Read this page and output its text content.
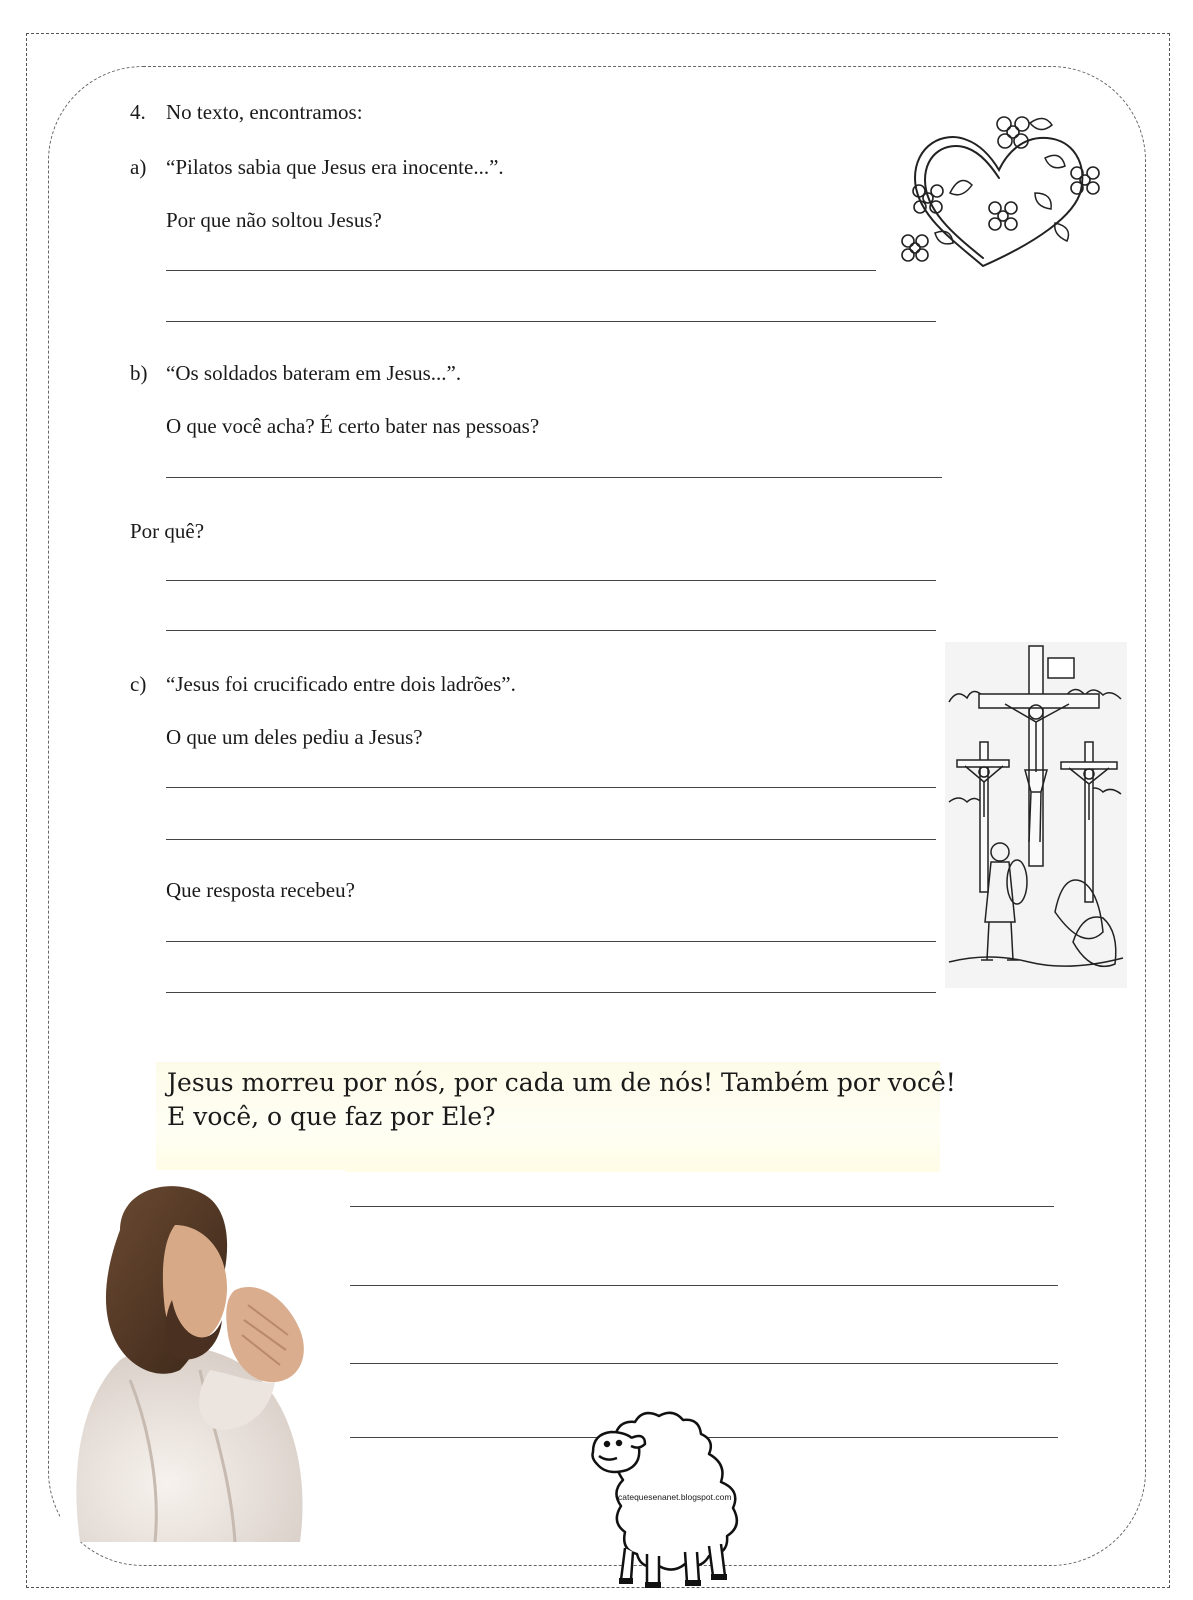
4. No texto, encontramos:
a) “Pilatos sabia que Jesus era inocente...”.
Por que não soltou Jesus?
b) “Os soldados bateram em Jesus...”.
O que você acha? É certo bater nas pessoas?
Por quê?
c) “Jesus foi crucificado entre dois ladrões”.
O que um deles pediu a Jesus?
Que resposta recebeu?
Jesus morreu por nós, por cada um de nós! Também por você!
E você, o que faz por Ele?
catequesenanet.blogspot.com
